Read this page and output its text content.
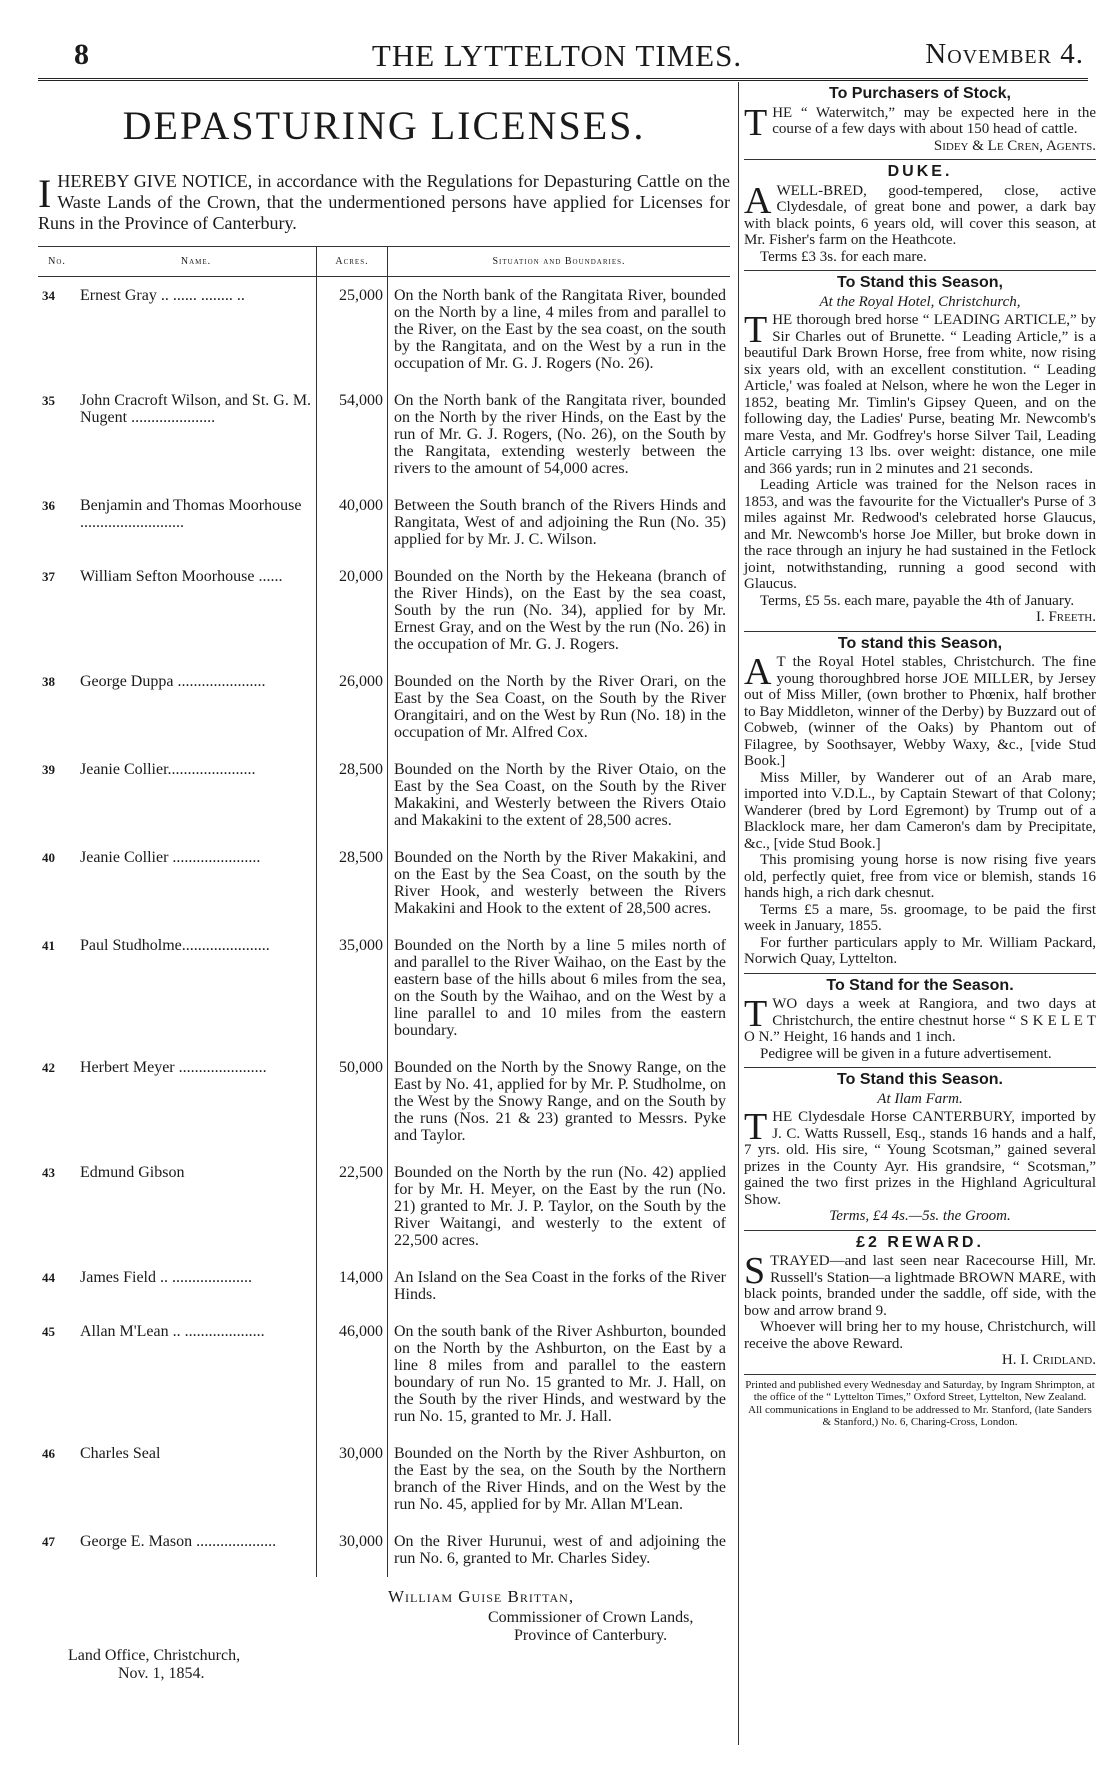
8	THE LYTTELTON TIMES.	November 4.
DEPASTURING LICENSES.

I HEREBY GIVE NOTICE, in accordance with the Regulations for Depasturing Cattle on the Waste Lands of the Crown, that the undermentioned persons have applied for Licenses for Runs in the Province of Canterbury.

No.	Name.	Acres.	Situation and Boundaries.
34	Ernest Gray .. ...... ........ ..	25,000	On the North bank of the Rangitata River, bounded on the North by a line, 4 miles from and parallel to the River, on the East by the sea coast, on the south by the Rangitata, and on the West by a run in the occupation of Mr. G. J. Rogers (No. 26).
35	John Cracroft Wilson, and St. G. M. Nugent .....................	54,000	On the North bank of the Rangitata river, bounded on the North by the river Hinds, on the East by the run of Mr. G. J. Rogers, (No. 26), on the South by the Rangitata, extending westerly between the rivers to the amount of 54,000 acres.
36	Benjamin and Thomas Moorhouse ..........................	40,000	Between the South branch of the Rivers Hinds and Rangitata, West of and adjoining the Run (No. 35) applied for by Mr. J. C. Wilson.
37	William Sefton Moorhouse ......	20,000	Bounded on the North by the Hekeana (branch of the River Hinds), on the East by the sea coast, South by the run (No. 34), applied for by Mr. Ernest Gray, and on the West by the run (No. 26) in the occupation of Mr. G. J. Rogers.
38	George Duppa ......................	26,000	Bounded on the North by the River Orari, on the East by the Sea Coast, on the South by the River Orangitairi, and on the West by Run (No. 18) in the occupation of Mr. Alfred Cox.
39	Jeanie Collier......................	28,500	Bounded on the North by the River Otaio, on the East by the Sea Coast, on the South by the River Makakini, and Westerly between the Rivers Otaio and Makakini to the extent of 28,500 acres.
40	Jeanie Collier ......................	28,500	Bounded on the North by the River Makakini, and on the East by the Sea Coast, on the south by the River Hook, and westerly between the Rivers Makakini and Hook to the extent of 28,500 acres.
41	Paul Studholme......................	35,000	Bounded on the North by a line 5 miles north of and parallel to the River Waihao, on the East by the eastern base of the hills about 6 miles from the sea, on the South by the Waihao, and on the West by a line parallel to and 10 miles from the eastern boundary.
42	Herbert Meyer ......................	50,000	Bounded on the North by the Snowy Range, on the East by No. 41, applied for by Mr. P. Studholme, on the West by the Snowy Range, and on the South by the runs (Nos. 21 & 23) granted to Messrs. Pyke and Taylor.
43	Edmund Gibson	22,500	Bounded on the North by the run (No. 42) applied for by Mr. H. Meyer, on the East by the run (No. 21) granted to Mr. J. P. Taylor, on the South by the River Waitangi, and westerly to the extent of 22,500 acres.
44	James Field .. ....................	14,000	An Island on the Sea Coast in the forks of the River Hinds.
45	Allan M'Lean .. ....................	46,000	On the south bank of the River Ashburton, bounded on the North by the Ashburton, on the East by a line 8 miles from and parallel to the eastern boundary of run No. 15 granted to Mr. J. Hall, on the South by the river Hinds, and westward by the run No. 15, granted to Mr. J. Hall.
46	Charles Seal	30,000	Bounded on the North by the River Ashburton, on the East by the sea, on the South by the Northern branch of the River Hinds, and on the West by the run No. 45, applied for by Mr. Allan M'Lean.
47	George E. Mason ....................	30,000	On the River Hurunui, west of and adjoining the run No. 6, granted to Mr. Charles Sidey.
William Guise Brittan,
Commissioner of Crown Lands,
Province of Canterbury.
Land Office, Christchurch,
Nov. 1, 1854.
To Purchasers of Stock,

THE “ Waterwitch,” may be expected here in the course of a few days with about 150 head of cattle.

Sidey & Le Cren, Agents.

DUKE.

AWELL-BRED, good-tempered, close, active Clydesdale, of great bone and power, a dark bay with black points, 6 years old, will cover this season, at Mr. Fisher's farm on the Heathcote.

Terms £3 3s. for each mare.

To Stand this Season,
At the Royal Hotel, Christchurch,

THE thorough bred horse “ LEADING ARTICLE,” by Sir Charles out of Brunette. “ Leading Article,” is a beautiful Dark Brown Horse, free from white, now rising six years old, with an excellent constitution. “ Leading Article,' was foaled at Nelson, where he won the Leger in 1852, beating Mr. Timlin's Gipsey Queen, and on the following day, the Ladies' Purse, beating Mr. Newcomb's mare Vesta, and Mr. Godfrey's horse Silver Tail, Leading Article carrying 13 lbs. over weight: distance, one mile and 366 yards; run in 2 minutes and 21 seconds.

Leading Article was trained for the Nelson races in 1853, and was the favourite for the Victualler's Purse of 3 miles against Mr. Redwood's celebrated horse Glaucus, and Mr. Newcomb's horse Joe Miller, but broke down in the race through an injury he had sustained in the Fetlock joint, notwithstanding, running a good second with Glaucus.

Terms, £5 5s. each mare, payable the 4th of January.

I. Freeth.

To stand this Season,

A T the Royal Hotel stables, Christchurch. The fine young thoroughbred horse JOE MILLER, by Jersey out of Miss Miller, (own brother to Phœnix, half brother to Bay Middleton, winner of the Derby) by Buzzard out of Cobweb, (winner of the Oaks) by Phantom out of Filagree, by Soothsayer, Webby Waxy, &c., [vide Stud Book.]

Miss Miller, by Wanderer out of an Arab mare, imported into V.D.L., by Captain Stewart of that Colony; Wanderer (bred by Lord Egremont) by Trump out of a Blacklock mare, her dam Cameron's dam by Precipitate, &c., [vide Stud Book.]

This promising young horse is now rising five years old, perfectly quiet, free from vice or blemish, stands 16 hands high, a rich dark chesnut.

Terms £5 a mare, 5s. groomage, to be paid the first week in January, 1855.

For further particulars apply to Mr. William Packard, Norwich Quay, Lyttelton.

To Stand for the Season.

TWO days a week at Rangiora, and two days at Christchurch, the entire chestnut horse “ S K E L E T O N.” Height, 16 hands and 1 inch.

Pedigree will be given in a future advertisement.

To Stand this Season.
At Ilam Farm.

THE Clydesdale Horse CANTERBURY, imported by J. C. Watts Russell, Esq., stands 16 hands and a half, 7 yrs. old. His sire, “ Young Scotsman,” gained several prizes in the County Ayr. His grandsire, “ Scotsman,” gained the two first prizes in the Highland Agricultural Show.

Terms, £4 4s.—5s. the Groom.

£2 REWARD.

STRAYED—and last seen near Racecourse Hill, Mr. Russell's Station—a lightmade BROWN MARE, with black points, branded under the saddle, off side, with the bow and arrow brand 9.

Whoever will bring her to my house, Christchurch, will receive the above Reward.

H. I. Cridland.

Printed and published every Wednesday and Saturday, by Ingram Shrimpton, at the office of the “ Lyttelton Times,” Oxford Street, Lyttelton, New Zealand.

All communications in England to be addressed to Mr. Stanford, (late Sanders & Stanford,) No. 6, Charing-Cross, London.
